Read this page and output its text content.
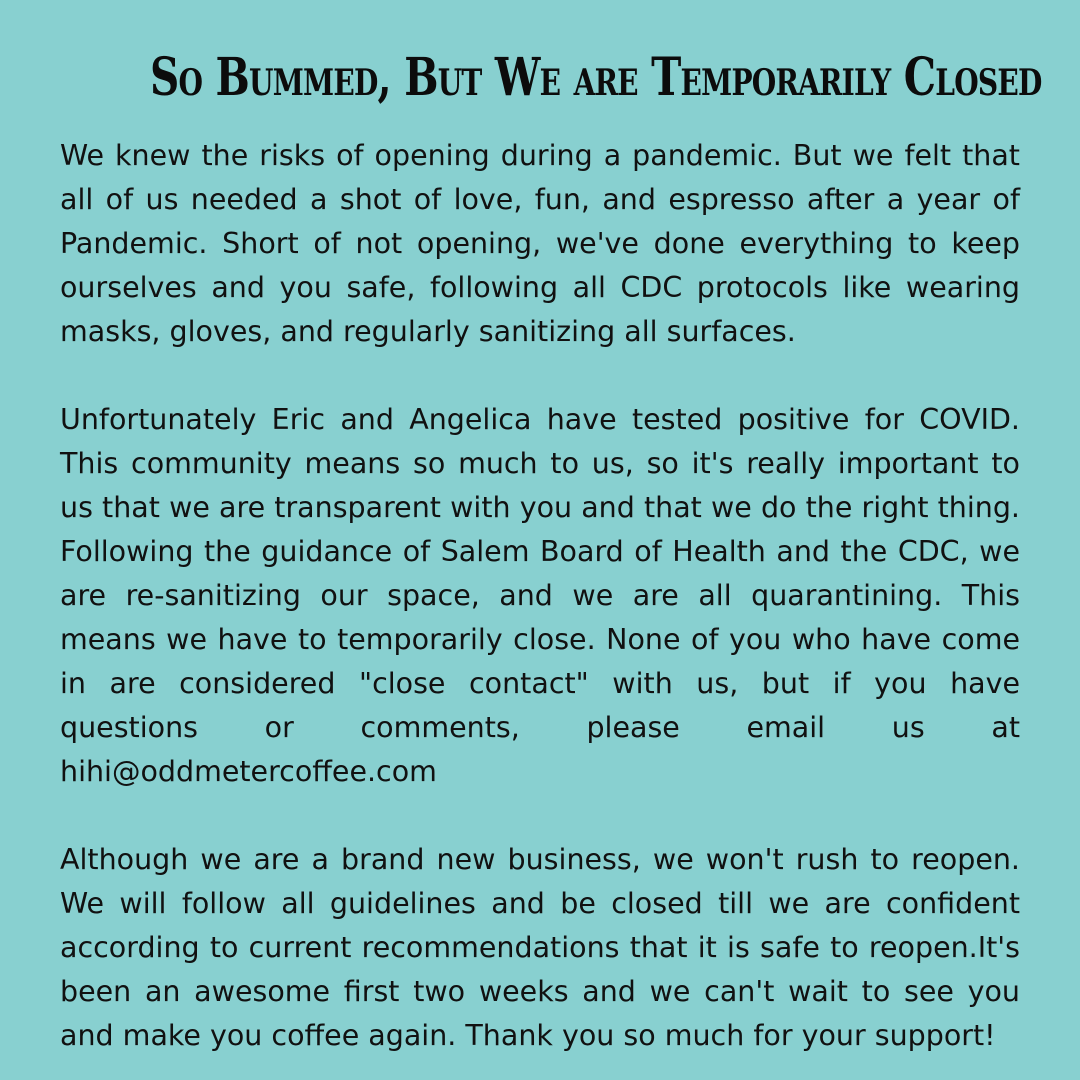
So Bummed, But We are Temporarily Closed

We knew the risks of opening during a pandemic. But we felt that all of us needed a shot of love, fun, and espresso after a year of Pandemic. Short of not opening, we've done everything to keep ourselves and you safe, following all CDC protocols like wearing masks, gloves, and regularly sanitizing all surfaces.

Unfortunately Eric and Angelica have tested positive for COVID. This community means so much to us, so it's really important to us that we are transparent with you and that we do the right thing. Following the guidance of Salem Board of Health and the CDC, we are re-sanitizing our space, and we are all quarantining. This means we have to temporarily close. None of you who have come in are considered "close contact" with us, but if you have questions or comments, please email us at hihi@oddmetercoffee.com

Although we are a brand new business, we won't rush to reopen. We will follow all guidelines and be closed till we are confident according to current recommendations that it is safe to reopen.It's been an awesome first two weeks and we can't wait to see you and make you coffee again. Thank you so much for your support!
